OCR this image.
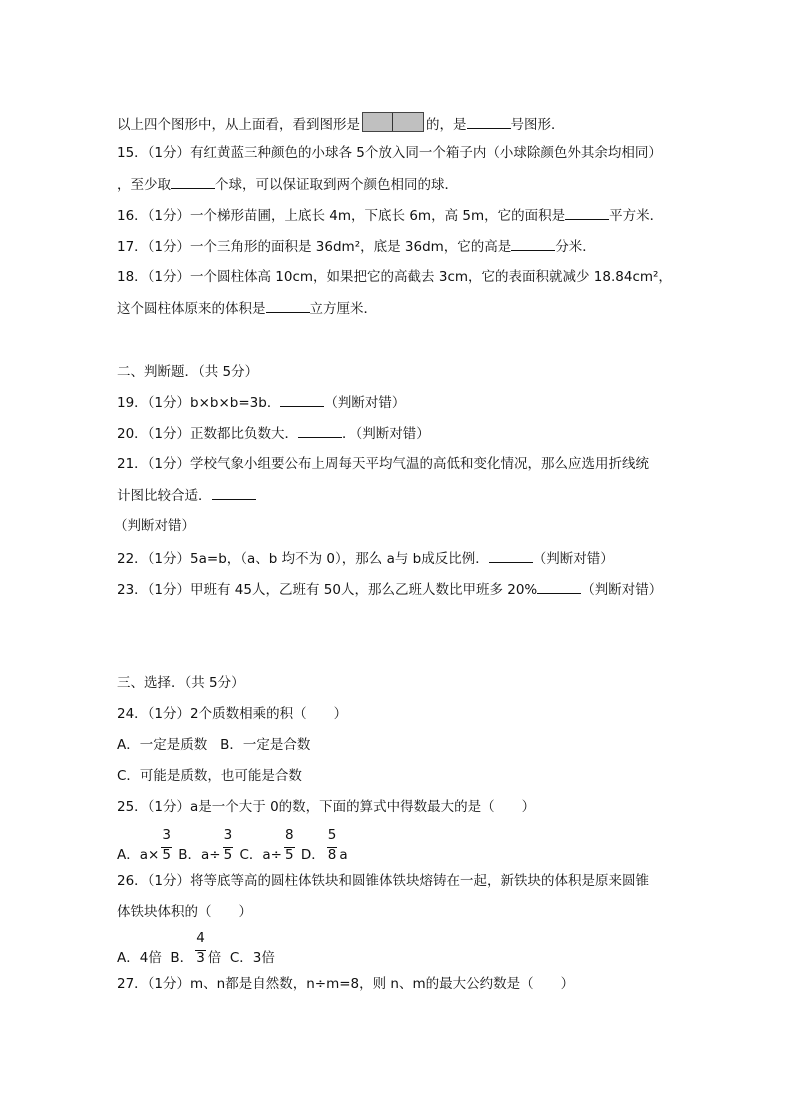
以上四个图形中，从上面看，看到图形是	的，是	号图形．
15．（1分）有红黄蓝三种颜色的小球各 5个放入同一个箱子内（小球除颜色外其余均相同）
，至少取	个球，可以保证取到两个颜色相同的球．
16．（1分）一个梯形苗圃，上底长 4m，下底长 6m，高 5m，它的面积是	平方米．
17．（1分）一个三角形的面积是 36dm²，底是 36dm，它的高是	分米．
18．（1分）一个圆柱体高 10cm，如果把它的高截去 3cm，它的表面积就减少 18.84cm²，
这个圆柱体原来的体积是	立方厘米．
二、判断题．（共 5分）
19．（1分）b×b×b=3b．	（判断对错）
20．（1分）正数都比负数大．	．（判断对错）
21．（1分）学校气象小组要公布上周每天平均气温的高低和变化情况，那么应选用折线统
计图比较合适．
（判断对错）
22．（1分）5a=b，（a、b 均不为 0），那么 a与 b成反比例．	（判断对错）
23．（1分）甲班有 45人，乙班有 50人，那么乙班人数比甲班多 20%	（判断对错）
三、选择．（共 5分）
24．（1分）2个质数相乘的积（　　）
A．一定是质数 B．一定是合数
C．可能是质数，也可能是合数
25．（1分）a是一个大于 0的数，下面的算式中得数最大的是（　　）
A．a×
3
5 B．a÷
3
5 C．a÷
8
5 D．
5
8 a
26．（1分）将等底等高的圆柱体铁块和圆锥体铁块熔铸在一起，新铁块的体积是原来圆锥
体铁块体积的（　　）
A．4倍 B．
4
3 倍 C．3倍
27．（1分）m、n都是自然数，n÷m=8，则 n、m的最大公约数是（　　）
